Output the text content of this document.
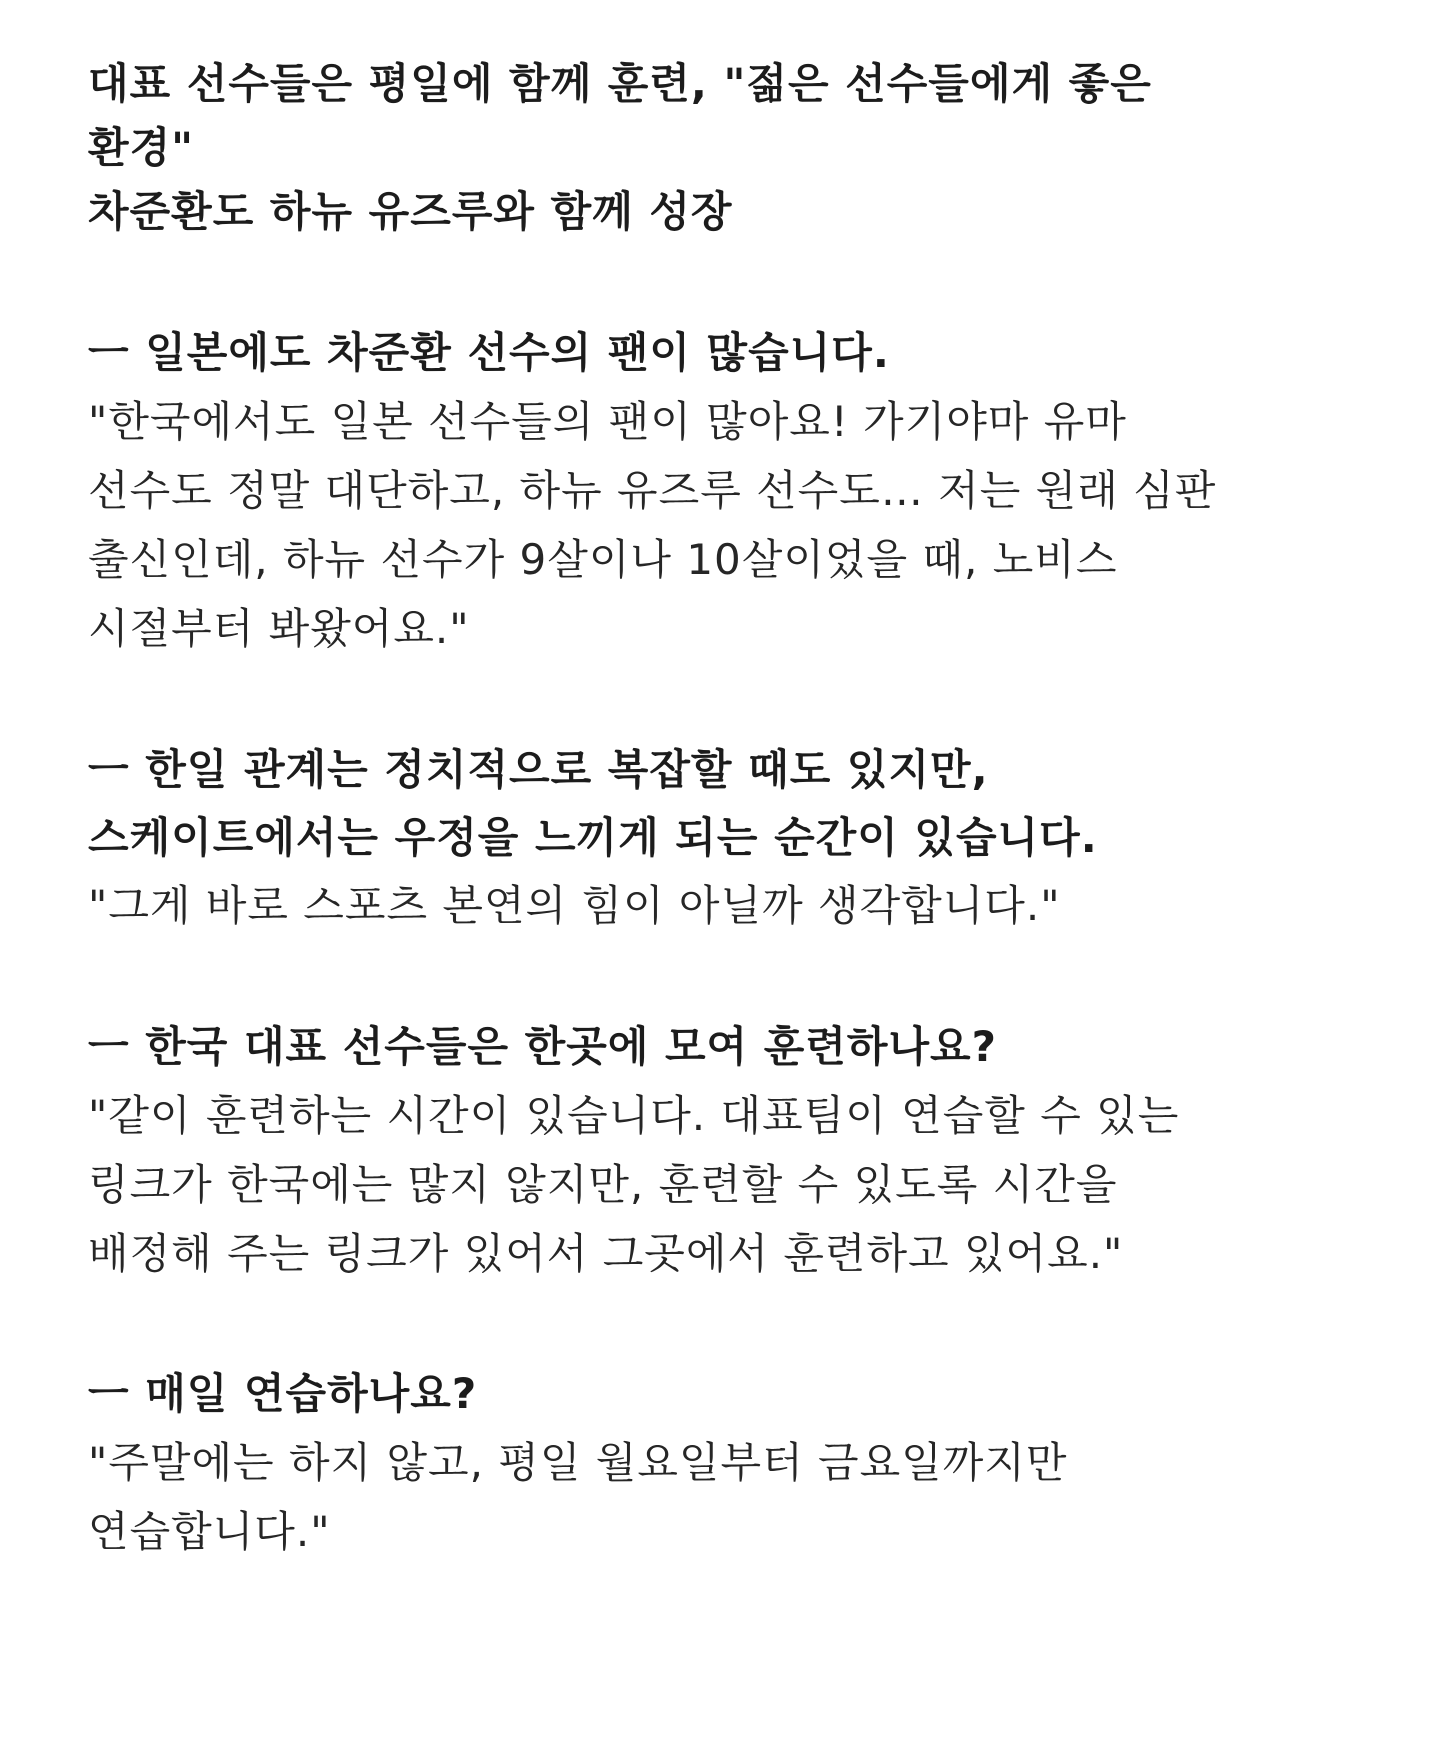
대표 선수들은 평일에 함께 훈련, "젊은 선수들에게 좋은
환경"
차준환도 하뉴 유즈루와 함께 성장
ㅡ 일본에도 차준환 선수의 팬이 많습니다.
"한국에서도 일본 선수들의 팬이 많아요! 가기야마 유마
선수도 정말 대단하고, 하뉴 유즈루 선수도… 저는 원래 심판
출신인데, 하뉴 선수가 9살이나 10살이었을 때, 노비스
시절부터 봐왔어요."
ㅡ 한일 관계는 정치적으로 복잡할 때도 있지만,
스케이트에서는 우정을 느끼게 되는 순간이 있습니다.
"그게 바로 스포츠 본연의 힘이 아닐까 생각합니다."
ㅡ 한국 대표 선수들은 한곳에 모여 훈련하나요?
"같이 훈련하는 시간이 있습니다. 대표팀이 연습할 수 있는
링크가 한국에는 많지 않지만, 훈련할 수 있도록 시간을
배정해 주는 링크가 있어서 그곳에서 훈련하고 있어요."
ㅡ 매일 연습하나요?
"주말에는 하지 않고, 평일 월요일부터 금요일까지만
연습합니다."
